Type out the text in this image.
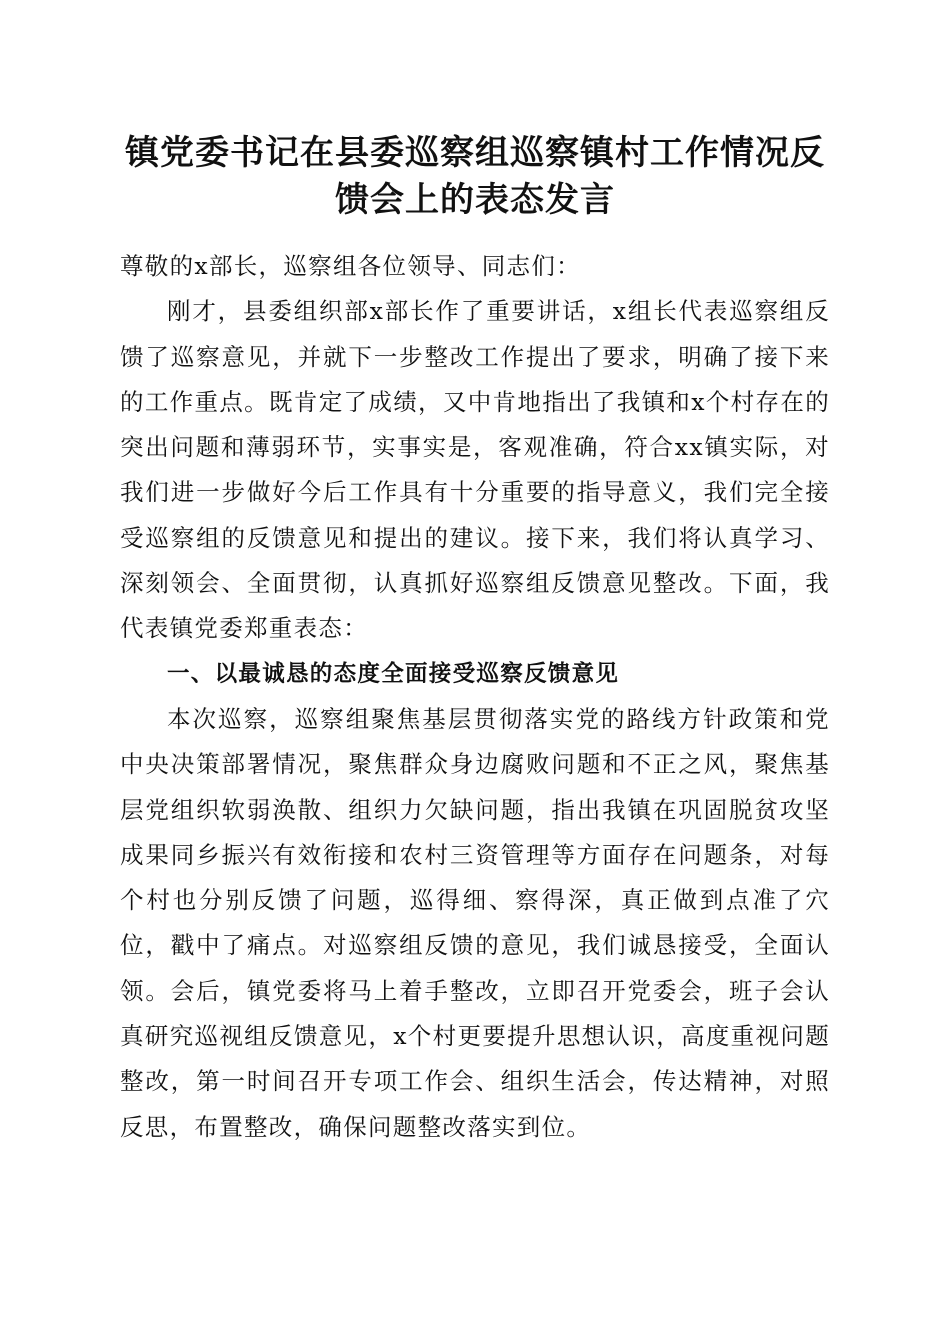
镇党委书记在县委巡察组巡察镇村工作情况反
馈会上的表态发言

尊敬的x部长，巡察组各位领导、同志们：

刚才，县委组织部x部长作了重要讲话，x组长代表巡察组反馈了巡察意见，并就下一步整改工作提出了要求，明确了接下来的工作重点。既肯定了成绩，又中肯地指出了我镇和x个村存在的突出问题和薄弱环节，实事实是，客观准确，符合xx镇实际，对我们进一步做好今后工作具有十分重要的指导意义，我们完全接受巡察组的反馈意见和提出的建议。接下来，我们将认真学习、深刻领会、全面贯彻，认真抓好巡察组反馈意见整改。下面，我代表镇党委郑重表态：

一、以最诚恳的态度全面接受巡察反馈意见

本次巡察，巡察组聚焦基层贯彻落实党的路线方针政策和党中央决策部署情况，聚焦群众身边腐败问题和不正之风，聚焦基层党组织软弱涣散、组织力欠缺问题，指出我镇在巩固脱贫攻坚成果同乡振兴有效衔接和农村三资管理等方面存在问题条，对每个村也分别反馈了问题，巡得细、察得深，真正做到点准了穴位，戳中了痛点。对巡察组反馈的意见，我们诚恳接受，全面认领。会后，镇党委将马上着手整改，立即召开党委会，班子会认真研究巡视组反馈意见，x个村更要提升思想认识，高度重视问题整改，第一时间召开专项工作会、组织生活会，传达精神，对照反思，布置整改，确保问题整改落实到位。
